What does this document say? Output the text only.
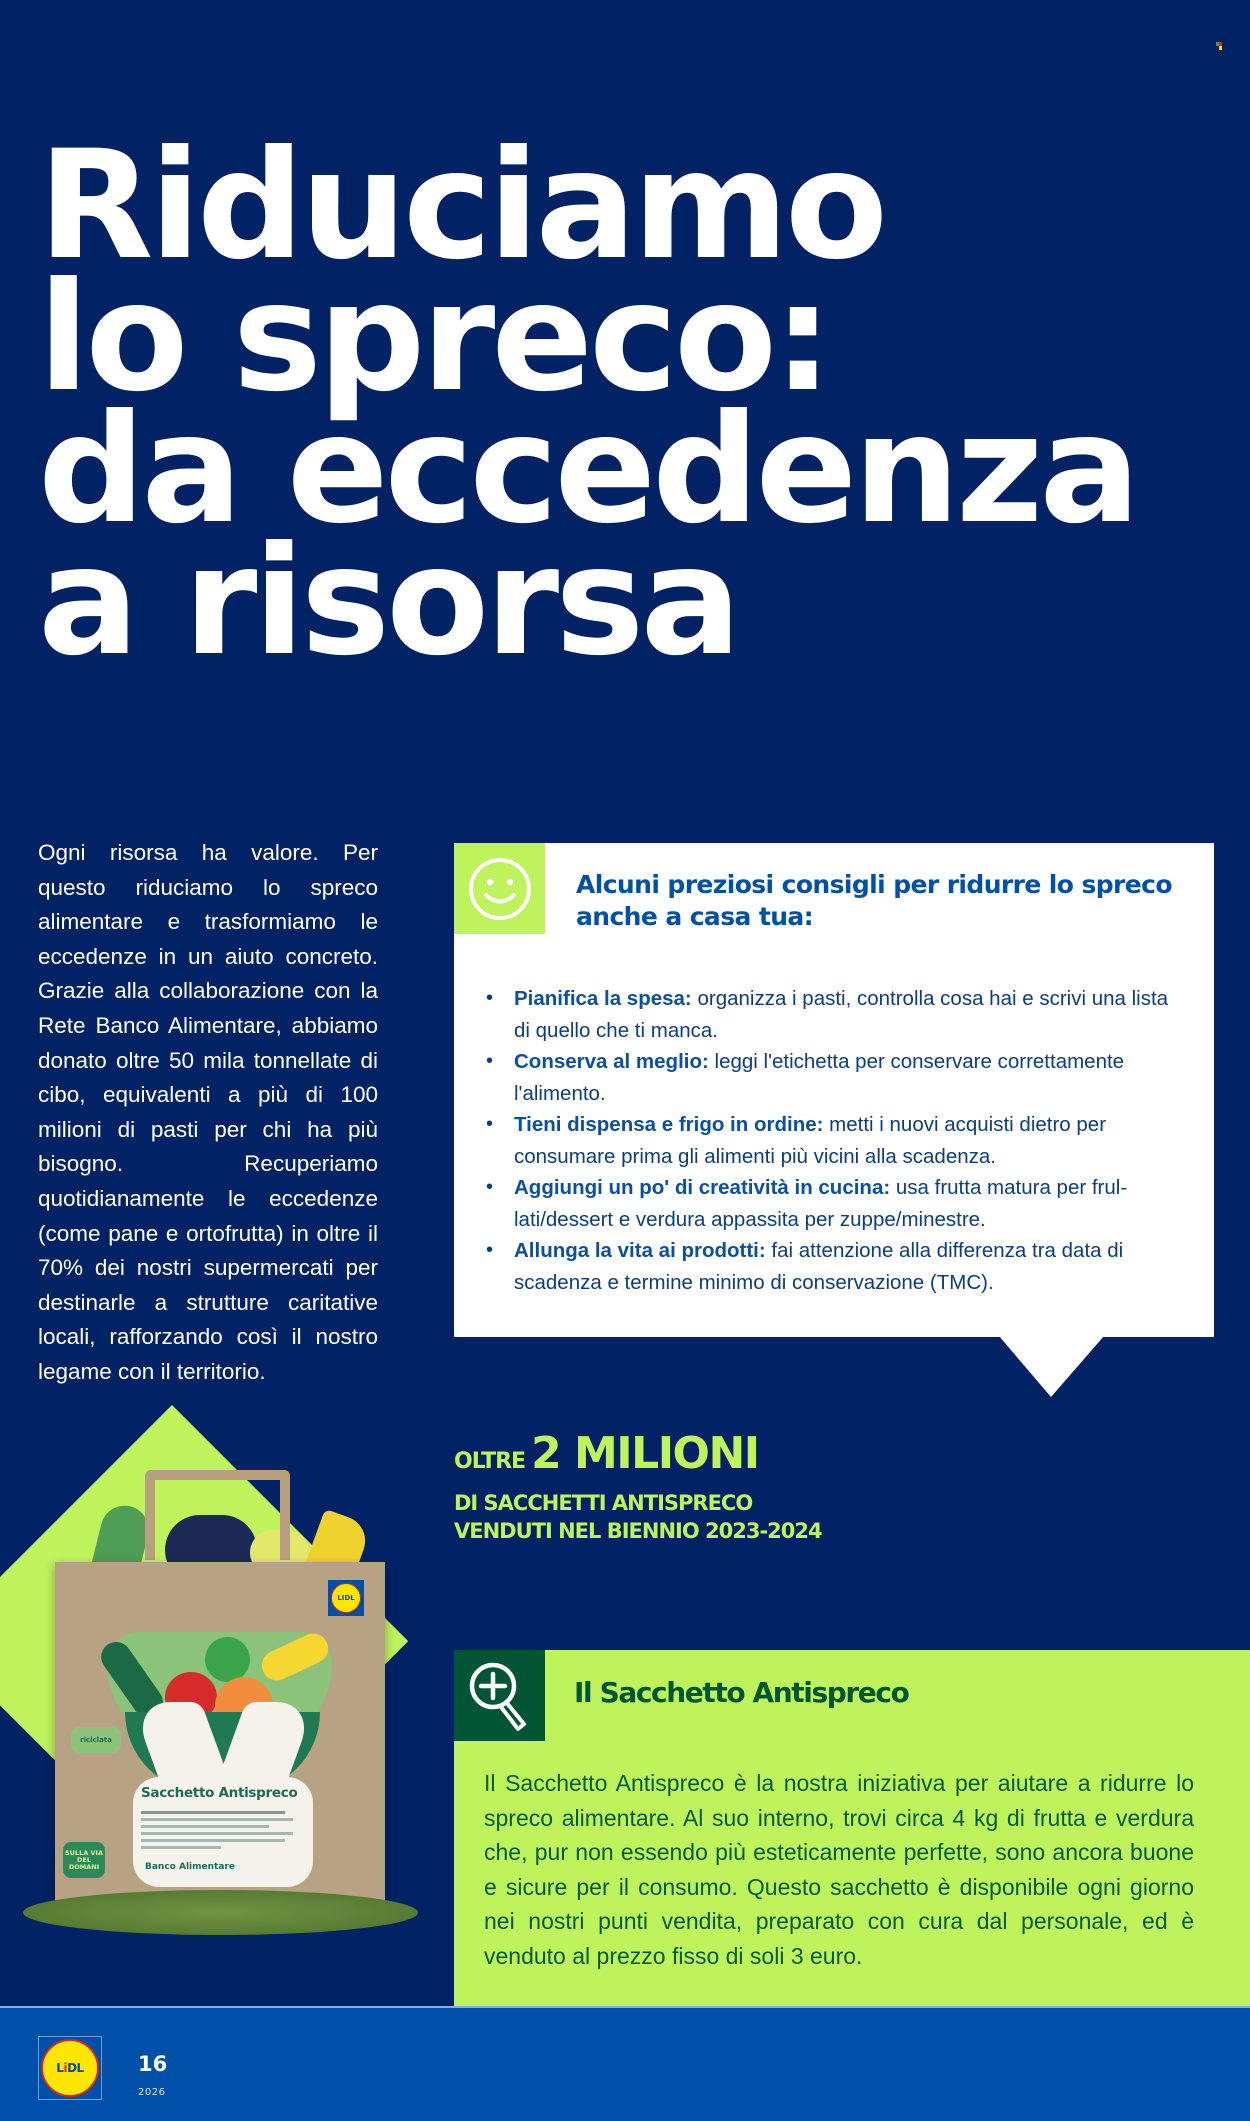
Riduciamo
lo spreco:
da eccedenza
a risorsa

Ogni risorsa ha valore. Per questo riduciamo lo spreco alimentare e trasformiamo le eccedenze in un aiuto concreto. Grazie alla collaborazione con la Rete Banco Alimentare, abbiamo donato oltre 50 mila tonnellate di cibo, equivalenti a più di 100 milioni di pasti per chi ha più bisogno. Recuperiamo quotidianamente le eccedenze (come pane e ortofrutta) in oltre il 70% dei nostri supermercati per destinarle a strutture caritative locali, rafforzando così il nostro legame con il territorio.

Alcuni preziosi consigli per ridurre lo spreco anche a casa tua:
• Pianifica la spesa: organizza i pasti, controlla cosa hai e scrivi una lista di quello che ti manca.
• Conserva al meglio: leggi l'etichetta per conservare correttamente l'alimento.
• Tieni dispensa e frigo in ordine: metti i nuovi acquisti dietro per consumare prima gli alimenti più vicini alla scadenza.
• Aggiungi un po' di creatività in cucina: usa frutta matura per frullati/dessert e verdura appassita per zuppe/minestre.
• Allunga la vita ai prodotti: fai attenzione alla differenza tra data di scadenza e termine minimo di conservazione (TMC).
OLTRE 2 MILIONI
DI SACCHETTI ANTISPRECO
VENDUTI NEL BIENNIO 2023-2024
LIDL
riciclata
Sacchetto Antispreco
Banco Alimentare
SULLA VIA DEL DOMANI
Il Sacchetto Antispreco

Il Sacchetto Antispreco è la nostra iniziativa per aiutare a ridurre lo spreco alimentare. Al suo interno, trovi circa 4 kg di frutta e verdura che, pur non essendo più esteticamente perfette, sono ancora buone e sicure per il consumo. Questo sacchetto è disponibile ogni giorno nei nostri punti vendita, preparato con cura dal personale, ed è venduto al prezzo fisso di soli 3 euro.

L i DL	16
2026
